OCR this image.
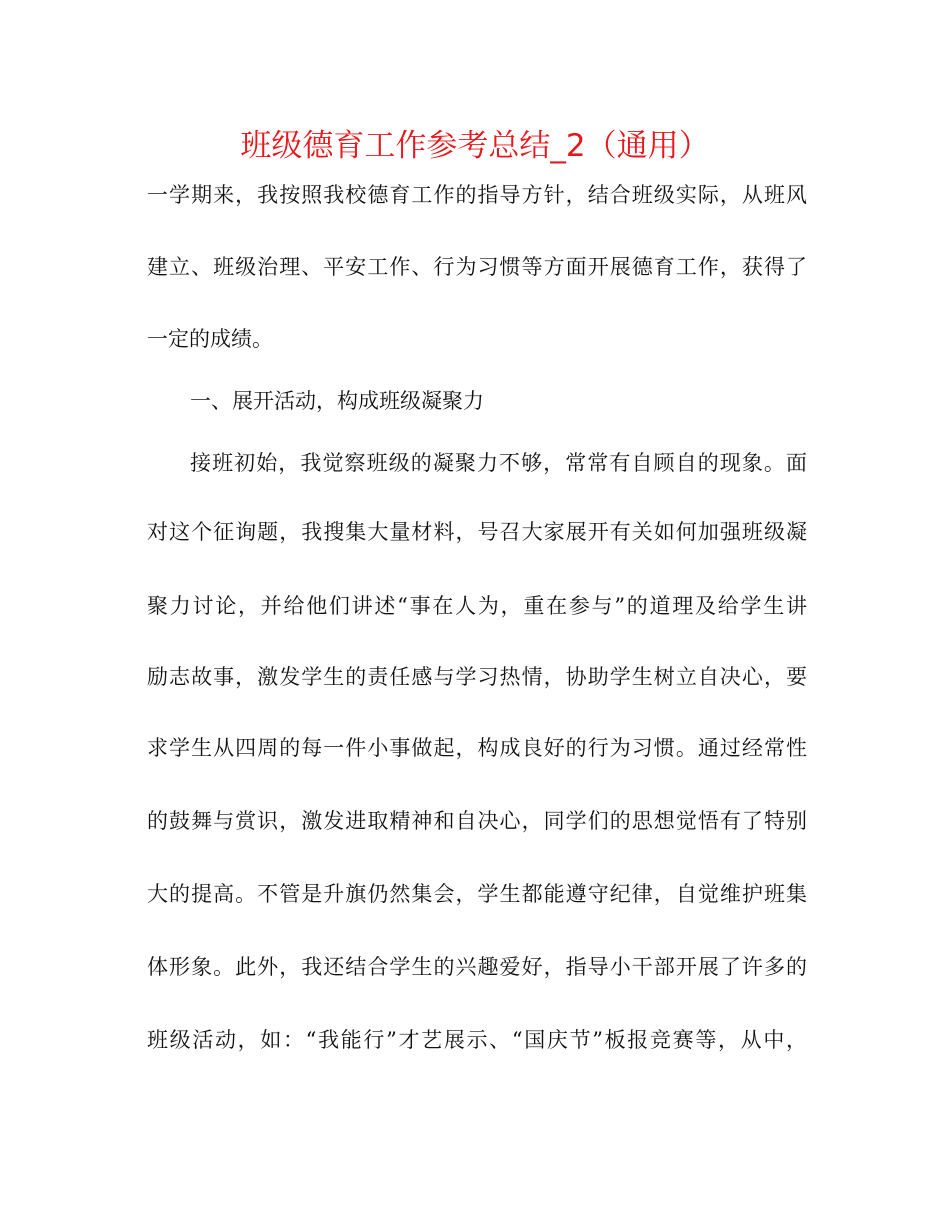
班级德育工作参考总结_2（通用）
一学期来，我按照我校德育工作的指导方针，结合班级实际，从班风
建立、班级治理、平安工作、行为习惯等方面开展德育工作，获得了
一定的成绩。
一、展开活动，构成班级凝聚力
接班初始，我觉察班级的凝聚力不够，常常有自顾自的现象。面
对这个征询题，我搜集大量材料，号召大家展开有关如何加强班级凝
聚力讨论，并给他们讲述“事在人为，重在参与”的道理及给学生讲
励志故事，激发学生的责任感与学习热情，协助学生树立自决心，要
求学生从四周的每一件小事做起，构成良好的行为习惯。通过经常性
的鼓舞与赏识，激发进取精神和自决心，同学们的思想觉悟有了特别
大的提高。不管是升旗仍然集会，学生都能遵守纪律，自觉维护班集
体形象。此外，我还结合学生的兴趣爱好，指导小干部开展了许多的
班级活动，如：“我能行”才艺展示、“国庆节”板报竞赛等，从中，
